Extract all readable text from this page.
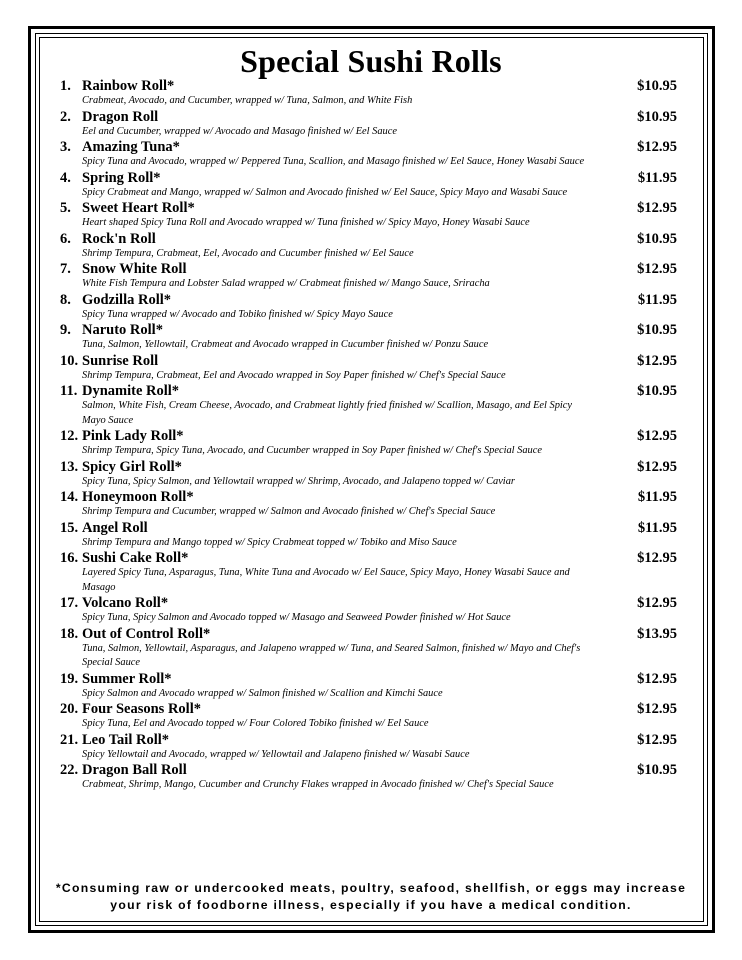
Special Sushi Rolls
1. Rainbow Roll*	$10.95
Crabmeat, Avocado, and Cucumber, wrapped w/ Tuna, Salmon, and White Fish
2. Dragon Roll	$10.95
Eel and Cucumber, wrapped w/ Avocado and Masago finished w/ Eel Sauce
3. Amazing Tuna*	$12.95
Spicy Tuna and Avocado, wrapped w/ Peppered Tuna, Scallion, and Masago finished w/ Eel Sauce, Honey Wasabi Sauce
4. Spring Roll*	$11.95
Spicy Crabmeat and Mango, wrapped w/ Salmon and Avocado finished w/ Eel Sauce, Spicy Mayo and Wasabi Sauce
5. Sweet Heart Roll*	$12.95
Heart shaped Spicy Tuna Roll and Avocado wrapped w/ Tuna finished w/ Spicy Mayo, Honey Wasabi Sauce
6. Rock'n Roll	$10.95
Shrimp Tempura, Crabmeat, Eel, Avocado and Cucumber finished w/ Eel Sauce
7. Snow White Roll	$12.95
White Fish Tempura and Lobster Salad wrapped w/ Crabmeat finished w/ Mango Sauce, Sriracha
8. Godzilla Roll*	$11.95
Spicy Tuna wrapped w/ Avocado and Tobiko finished w/ Spicy Mayo Sauce
9. Naruto Roll*	$10.95
Tuna, Salmon, Yellowtail, Crabmeat and Avocado wrapped in Cucumber finished w/ Ponzu Sauce
10. Sunrise Roll	$12.95
Shrimp Tempura, Crabmeat, Eel and Avocado wrapped in Soy Paper finished w/ Chef's Special Sauce
11. Dynamite Roll*	$10.95
Salmon, White Fish, Cream Cheese, Avocado, and Crabmeat lightly fried finished w/ Scallion, Masago, and Eel Spicy Mayo Sauce
12. Pink Lady Roll*	$12.95
Shrimp Tempura, Spicy Tuna, Avocado, and Cucumber wrapped in Soy Paper finished w/ Chef's Special Sauce
13. Spicy Girl Roll*	$12.95
Spicy Tuna, Spicy Salmon, and Yellowtail wrapped w/ Shrimp, Avocado, and Jalapeno topped w/ Caviar
14. Honeymoon Roll*	$11.95
Shrimp Tempura and Cucumber, wrapped w/ Salmon and Avocado finished w/ Chef's Special Sauce
15. Angel Roll	$11.95
Shrimp Tempura and Mango topped w/ Spicy Crabmeat topped w/ Tobiko and Miso Sauce
16. Sushi Cake Roll*	$12.95
Layered Spicy Tuna, Asparagus, Tuna, White Tuna and Avocado w/ Eel Sauce, Spicy Mayo, Honey Wasabi Sauce and Masago
17. Volcano Roll*	$12.95
Spicy Tuna, Spicy Salmon and Avocado topped w/ Masago and Seaweed Powder finished w/ Hot Sauce
18. Out of Control Roll*	$13.95
Tuna, Salmon, Yellowtail, Asparagus, and Jalapeno wrapped w/ Tuna, and Seared Salmon, finished w/ Mayo and Chef's Special Sauce
19. Summer Roll*	$12.95
Spicy Salmon and Avocado wrapped w/ Salmon finished w/ Scallion and Kimchi Sauce
20. Four Seasons Roll*	$12.95
Spicy Tuna, Eel and Avocado topped w/ Four Colored Tobiko finished w/ Eel Sauce
21. Leo Tail Roll*	$12.95
Spicy Yellowtail and Avocado, wrapped w/ Yellowtail and Jalapeno finished w/ Wasabi Sauce
22. Dragon Ball Roll	$10.95
Crabmeat, Shrimp, Mango, Cucumber and Crunchy Flakes wrapped in Avocado finished w/ Chef's Special Sauce
*Consuming raw or undercooked meats, poultry, seafood, shellfish, or eggs may increase
your risk of foodborne illness, especially if you have a medical condition.
